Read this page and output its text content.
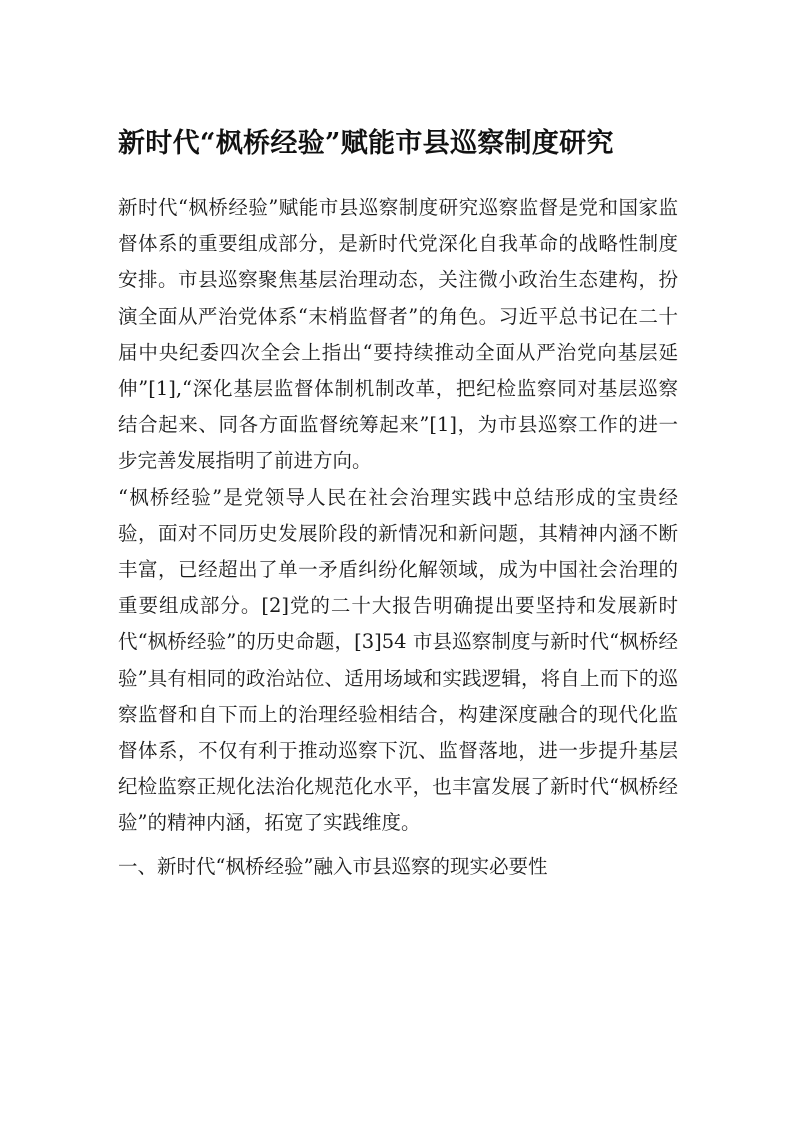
新时代“枫桥经验”赋能市县巡察制度研究

新时代“枫桥经验”赋能市县巡察制度研究巡察监督是党和国家监督体系的重要组成部分，是新时代党深化自我革命的战略性制度安排。市县巡察聚焦基层治理动态，关注微小政治生态建构，扮演全面从严治党体系“末梢监督者”的角色。习近平总书记在二十届中央纪委四次全会上指出“要持续推动全面从严治党向基层延伸”[1],“深化基层监督体制机制改革，把纪检监察同对基层巡察结合起来、同各方面监督统筹起来”[1]，为市县巡察工作的进一步完善发展指明了前进方向。

“枫桥经验”是党领导人民在社会治理实践中总结形成的宝贵经验，面对不同历史发展阶段的新情况和新问题，其精神内涵不断丰富，已经超出了单一矛盾纠纷化解领域，成为中国社会治理的重要组成部分。[2]党的二十大报告明确提出要坚持和发展新时代“枫桥经验”的历史命题，[3]54 市县巡察制度与新时代“枫桥经验”具有相同的政治站位、适用场域和实践逻辑，将自上而下的巡察监督和自下而上的治理经验相结合，构建深度融合的现代化监督体系，不仅有利于推动巡察下沉、监督落地，进一步提升基层纪检监察正规化法治化规范化水平，也丰富发展了新时代“枫桥经验”的精神内涵，拓宽了实践维度。

一、新时代“枫桥经验”融入市县巡察的现实必要性
